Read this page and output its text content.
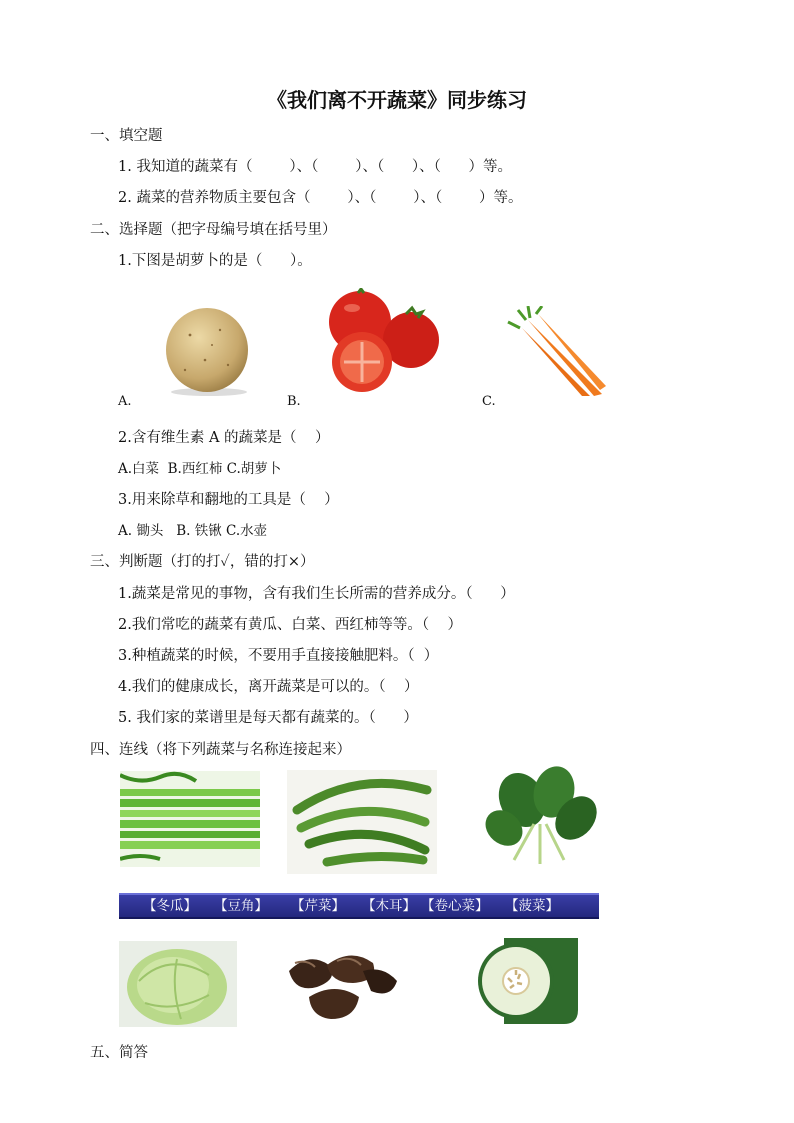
《我们离不开蔬菜》同步练习
一、填空题
1. 我知道的蔬菜有（        ）、（        ）、（      ）、（      ）等。
2. 蔬菜的营养物质主要包含（        ）、（        ）、（        ）等。
二、选择题（把字母编号填在括号里）
1.下图是胡萝卜的是（      ）。
A.	B.	C.
2.含有维生素 A 的蔬菜是（    ）
A.白菜  B.西红柿 C.胡萝卜
3.用来除草和翻地的工具是（    ）
A. 锄头   B. 铁锹 C.水壶
三、判断题（打的打✓，错的打×）
1.蔬菜是常见的事物，含有我们生长所需的营养成分。（      ）
2.我们常吃的蔬菜有黄瓜、白菜、西红柿等等。（    ）
3.种植蔬菜的时候，不要用手直接接触肥料。（  ）
4.我们的健康成长，离开蔬菜是可以的。（    ）
5. 我们家的菜谱里是每天都有蔬菜的。（      ）
四、连线（将下列蔬菜与名称连接起来）

【冬瓜】

【豆角】

【芹菜】

【木耳】

【卷心菜】

【菠菜】

五、简答
